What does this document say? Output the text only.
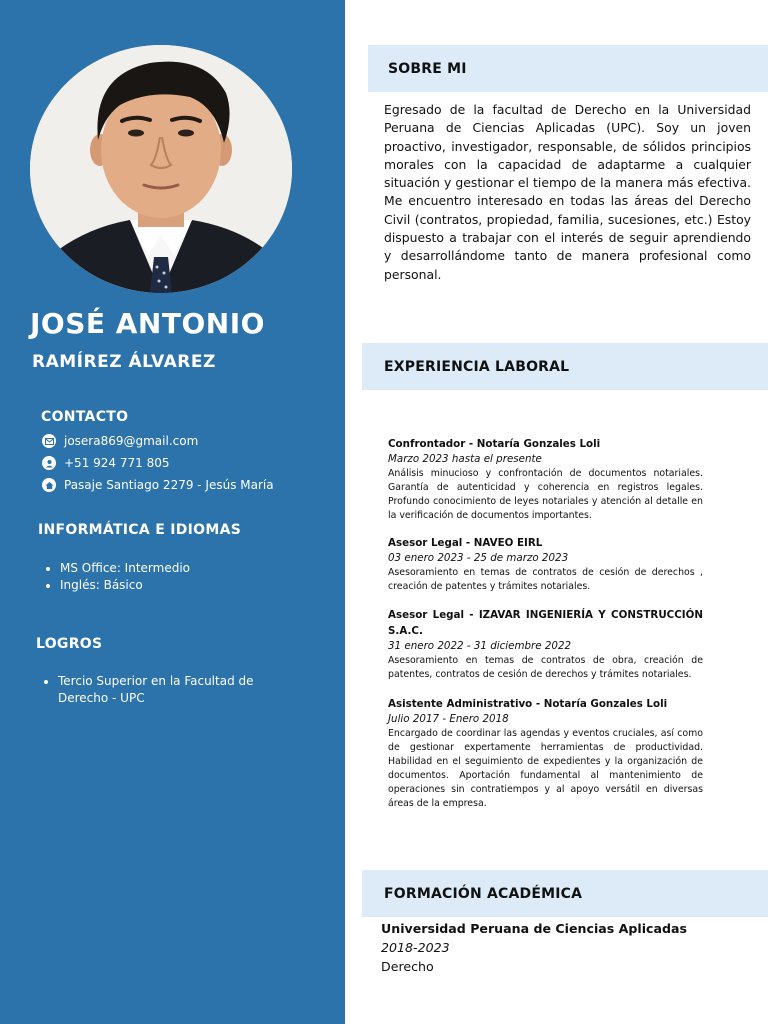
JOSÉ ANTONIO
RAMÍREZ ÁLVAREZ
CONTACTO
josera869@gmail.com
+51 924 771 805
Pasaje Santiago 2279 - Jesús María
INFORMÁTICA E IDIOMAS
• MS Office: Intermedio
• Inglés: Básico
LOGROS
• Tercio Superior en la Facultad de Derecho - UPC
SOBRE MI

Egresado de la facultad de Derecho en la Universidad Peruana de Ciencias Aplicadas (UPC). Soy un joven proactivo, investigador, responsable, de sólidos principios morales con la capacidad de adaptarme a cualquier situación y gestionar el tiempo de la manera más efectiva. Me encuentro interesado en todas las áreas del Derecho Civil (contratos, propiedad, familia, sucesiones, etc.) Estoy dispuesto a trabajar con el interés de seguir aprendiendo y desarrollándome tanto de manera profesional como personal.

EXPERIENCIA LABORAL
Confrontador - Notaría Gonzales Loli
Marzo 2023 hasta el presente

Análisis minucioso y confrontación de documentos notariales. Garantía de autenticidad y coherencia en registros legales. Profundo conocimiento de leyes notariales y atención al detalle en la verificación de documentos importantes.

Asesor Legal - NAVEO EIRL
03 enero 2023 - 25 de marzo 2023

Asesoramiento en temas de contratos de cesión de derechos , creación de patentes y trámites notariales.

Asesor Legal - IZAVAR INGENIERÍA Y CONSTRUCCIÓN S.A.C.
31 enero 2022 - 31 diciembre 2022

Asesoramiento en temas de contratos de obra, creación de patentes, contratos de cesión de derechos y trámites notariales.

Asistente Administrativo - Notaría Gonzales Loli
Julio 2017 - Enero 2018

Encargado de coordinar las agendas y eventos cruciales, así como de gestionar expertamente herramientas de productividad. Habilidad en el seguimiento de expedientes y la organización de documentos. Aportación fundamental al mantenimiento de operaciones sin contratiempos y al apoyo versátil en diversas áreas de la empresa.

FORMACIÓN ACADÉMICA
Universidad Peruana de Ciencias Aplicadas
2018-2023
Derecho
